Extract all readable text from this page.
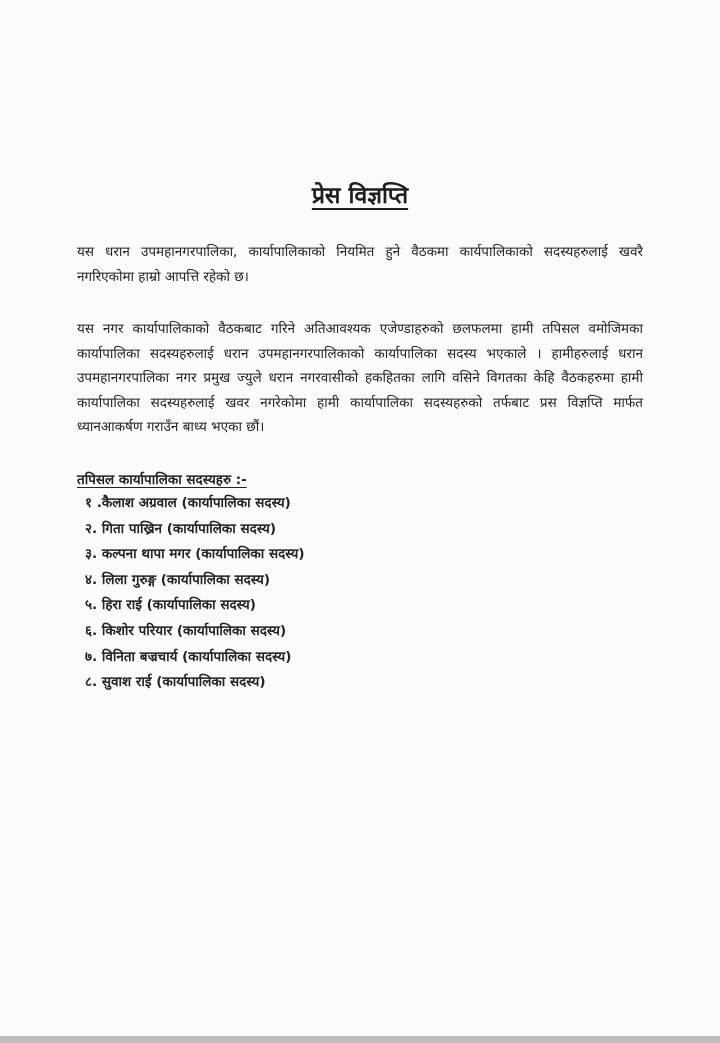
प्रेस विज्ञप्ति

यस धरान उपमहानगरपालिका, कार्यापालिकाको नियमित हुने वैठकमा कार्यपालिकाको सदस्यहरुलाई खवरै नगरिएकोमा हाम्रो आपत्ति रहेको छ।

यस नगर कार्यापालिकाको वैठकबाट गरिने अतिआवश्यक एजेण्डाहरुको छलफलमा हामी तपिसल वमोजिमका कार्यापालिका सदस्यहरुलाई धरान उपमहानगरपालिकाको कार्यापालिका सदस्य भएकाले । हामीहरुलाई धरान उपमहानगरपालिका नगर प्रमुख ज्युले धरान नगरवासीको हकहितका लागि वसिने विगतका केहि वैठकहरुमा हामी कार्यापालिका सदस्यहरुलाई खवर नगरेकोमा हामी कार्यापालिका सदस्यहरुको तर्फबाट प्रस विज्ञप्ति मार्फत ध्यानआकर्षण गराउँन बाध्य भएका छौं।

तपिसल कार्यापालिका सदस्यहरु :-
१ .कैलाश अग्रवाल (कार्यापालिका सदस्य)
२. गिता पाख्रिन (कार्यापालिका सदस्य)
३. कल्पना थापा मगर (कार्यापालिका सदस्य)
४. लिला गुरुङ्ग (कार्यापालिका सदस्य)
५. हिरा राई (कार्यापालिका सदस्य)
६. किशोर परियार (कार्यापालिका सदस्य)
७. विनिता बज्रचार्य (कार्यापालिका सदस्य)
८. सुवाश राई (कार्यापालिका सदस्य)
